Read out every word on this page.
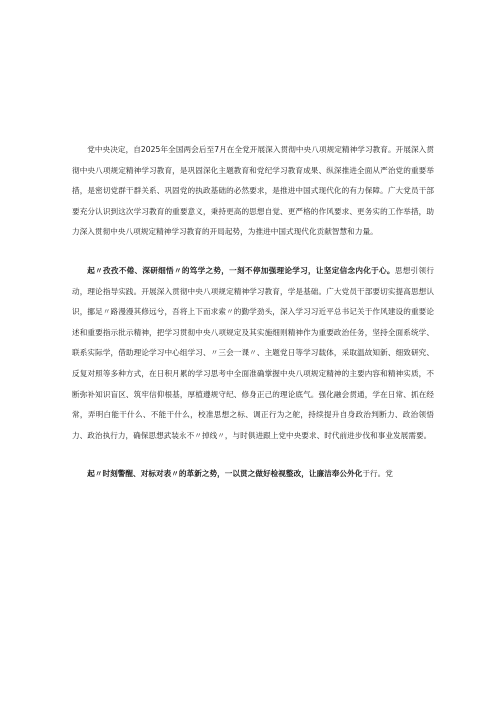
党中央决定，自2025年全国两会后至7月在全党开展深入贯彻中央八项规定精神学习教育。开展深入贯彻中央八项规定精神学习教育，是巩固深化主题教育和党纪学习教育成果、纵深推进全面从严治党的重要举措，是密切党群干群关系、巩固党的执政基础的必然要求，是推进中国式现代化的有力保障。广大党员干部要充分认识到这次学习教育的重要意义，秉持更高的思想自觉、更严格的作风要求、更务实的工作举措，助力深入贯彻中央八项规定精神学习教育的开局起势，为推进中国式现代化贡献智慧和力量。

起〃孜孜不倦、深研细悟〃的笃学之势，一刻不停加强理论学习，让坚定信念内化于心。思想引领行动，理论指导实践。开展深入贯彻中央八项规定精神学习教育，学是基础。广大党员干部要切实提高思想认识，挪足〃路漫漫其修远兮，吾将上下而求索〃的勤学劲头，深入学习习近平总书记关于作风建设的重要论述和重要指示批示精神，把学习贯彻中央八项规定及其实施细则精神作为重要政治任务，坚持全面系统学、联系实际学，借助理论学习中心组学习、〃三会一课〃、主题党日等学习载体，采取温故知新、细致研究、反复对照等多种方式，在日积月累的学习思考中全面准确掌握中央八项规定精神的主要内容和精神实质，不断弥补知识盲区、筑牢信仰根基，厚植遵规守纪、修身正己的理论底气。强化融会贯通，学在日常、抓在经常，弄明白能干什么、不能干什么，校准思想之标、调正行为之舵，持续提升自身政治判断力、政治领悟力、政治执行力，确保思想武装永不〃掉线〃，与时俱进跟上党中央要求、时代前进步伐和事业发展需要。

起〃时刻警醒、对标对表〃的革新之势，一以贯之做好检视整改，让廉洁奉公外化于行。党
